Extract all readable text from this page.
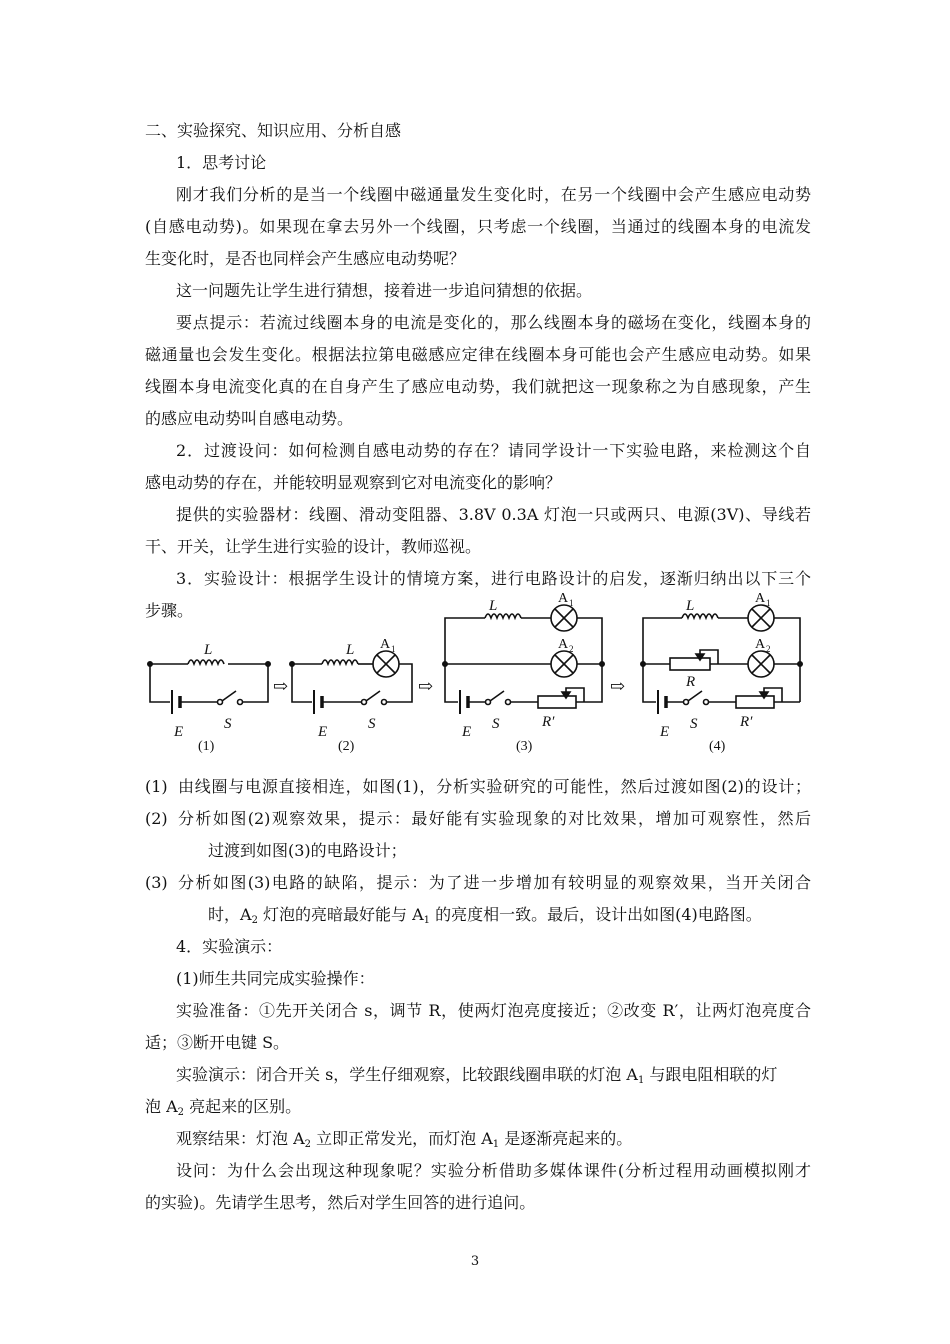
二、实验探究、知识应用、分析自感
1．思考讨论
刚才我们分析的是当一个线圈中磁通量发生变化时，在另一个线圈中会产生感应电动势
(自感电动势)。如果现在拿去另外一个线圈，只考虑一个线圈，当通过的线圈本身的电流发
生变化时，是否也同样会产生感应电动势呢？
这一问题先让学生进行猜想，接着进一步追问猜想的依据。
要点提示：若流过线圈本身的电流是变化的，那么线圈本身的磁场在变化，线圈本身的
磁通量也会发生变化。根据法拉第电磁感应定律在线圈本身可能也会产生感应电动势。如果
线圈本身电流变化真的在自身产生了感应电动势，我们就把这一现象称之为自感现象，产生
的感应电动势叫自感电动势。
2．过渡设问：如何检测自感电动势的存在？请同学设计一下实验电路，来检测这个自
感电动势的存在，并能较明显观察到它对电流变化的影响？
提供的实验器材：线圈、滑动变阻器、3.8V 0.3A 灯泡一只或两只、电源(3V)、导线若
干、开关，让学生进行实验的设计，教师巡视。
3．实验设计：根据学生设计的情境方案，进行电路设计的启发，逐渐归纳出以下三个
步骤。
⇨	⇨	⇨
L
S
E
L
S
E
L
S
E
R′
L
R
S
E
R′
A 1
A 1
A 2
A 1
A 2
(1)	(2)	(3)	(4)
(1) 由线圈与电源直接相连，如图(1)，分析实验研究的可能性，然后过渡如图(2)的设计；
(2) 分析如图(2)观察效果，提示：最好能有实验现象的对比效果，增加可观察性，然后
过渡到如图(3)的电路设计；
(3) 分析如图(3)电路的缺陷，提示：为了进一步增加有较明显的观察效果，当开关闭合
时，$A_2$ 灯泡的亮暗最好能与 $A_1$ 的亮度相一致。最后，设计出如图(4)电路图。
4．实验演示：
(1)师生共同完成实验操作：
实验准备：①先开关闭合 s，调节 R，使两灯泡亮度接近；②改变 R′，让两灯泡亮度合
适；③断开电键 S。
实验演示：闭合开关 s，学生仔细观察，比较跟线圈串联的灯泡 $A_1$ 与跟电阻相联的灯
泡 $A_2$ 亮起来的区别。
观察结果：灯泡 $A_2$ 立即正常发光，而灯泡 $A_1$ 是逐渐亮起来的。
设问：为什么会出现这种现象呢？实验分析借助多媒体课件(分析过程用动画模拟刚才
的实验)。先请学生思考，然后对学生回答的进行追问。
3
